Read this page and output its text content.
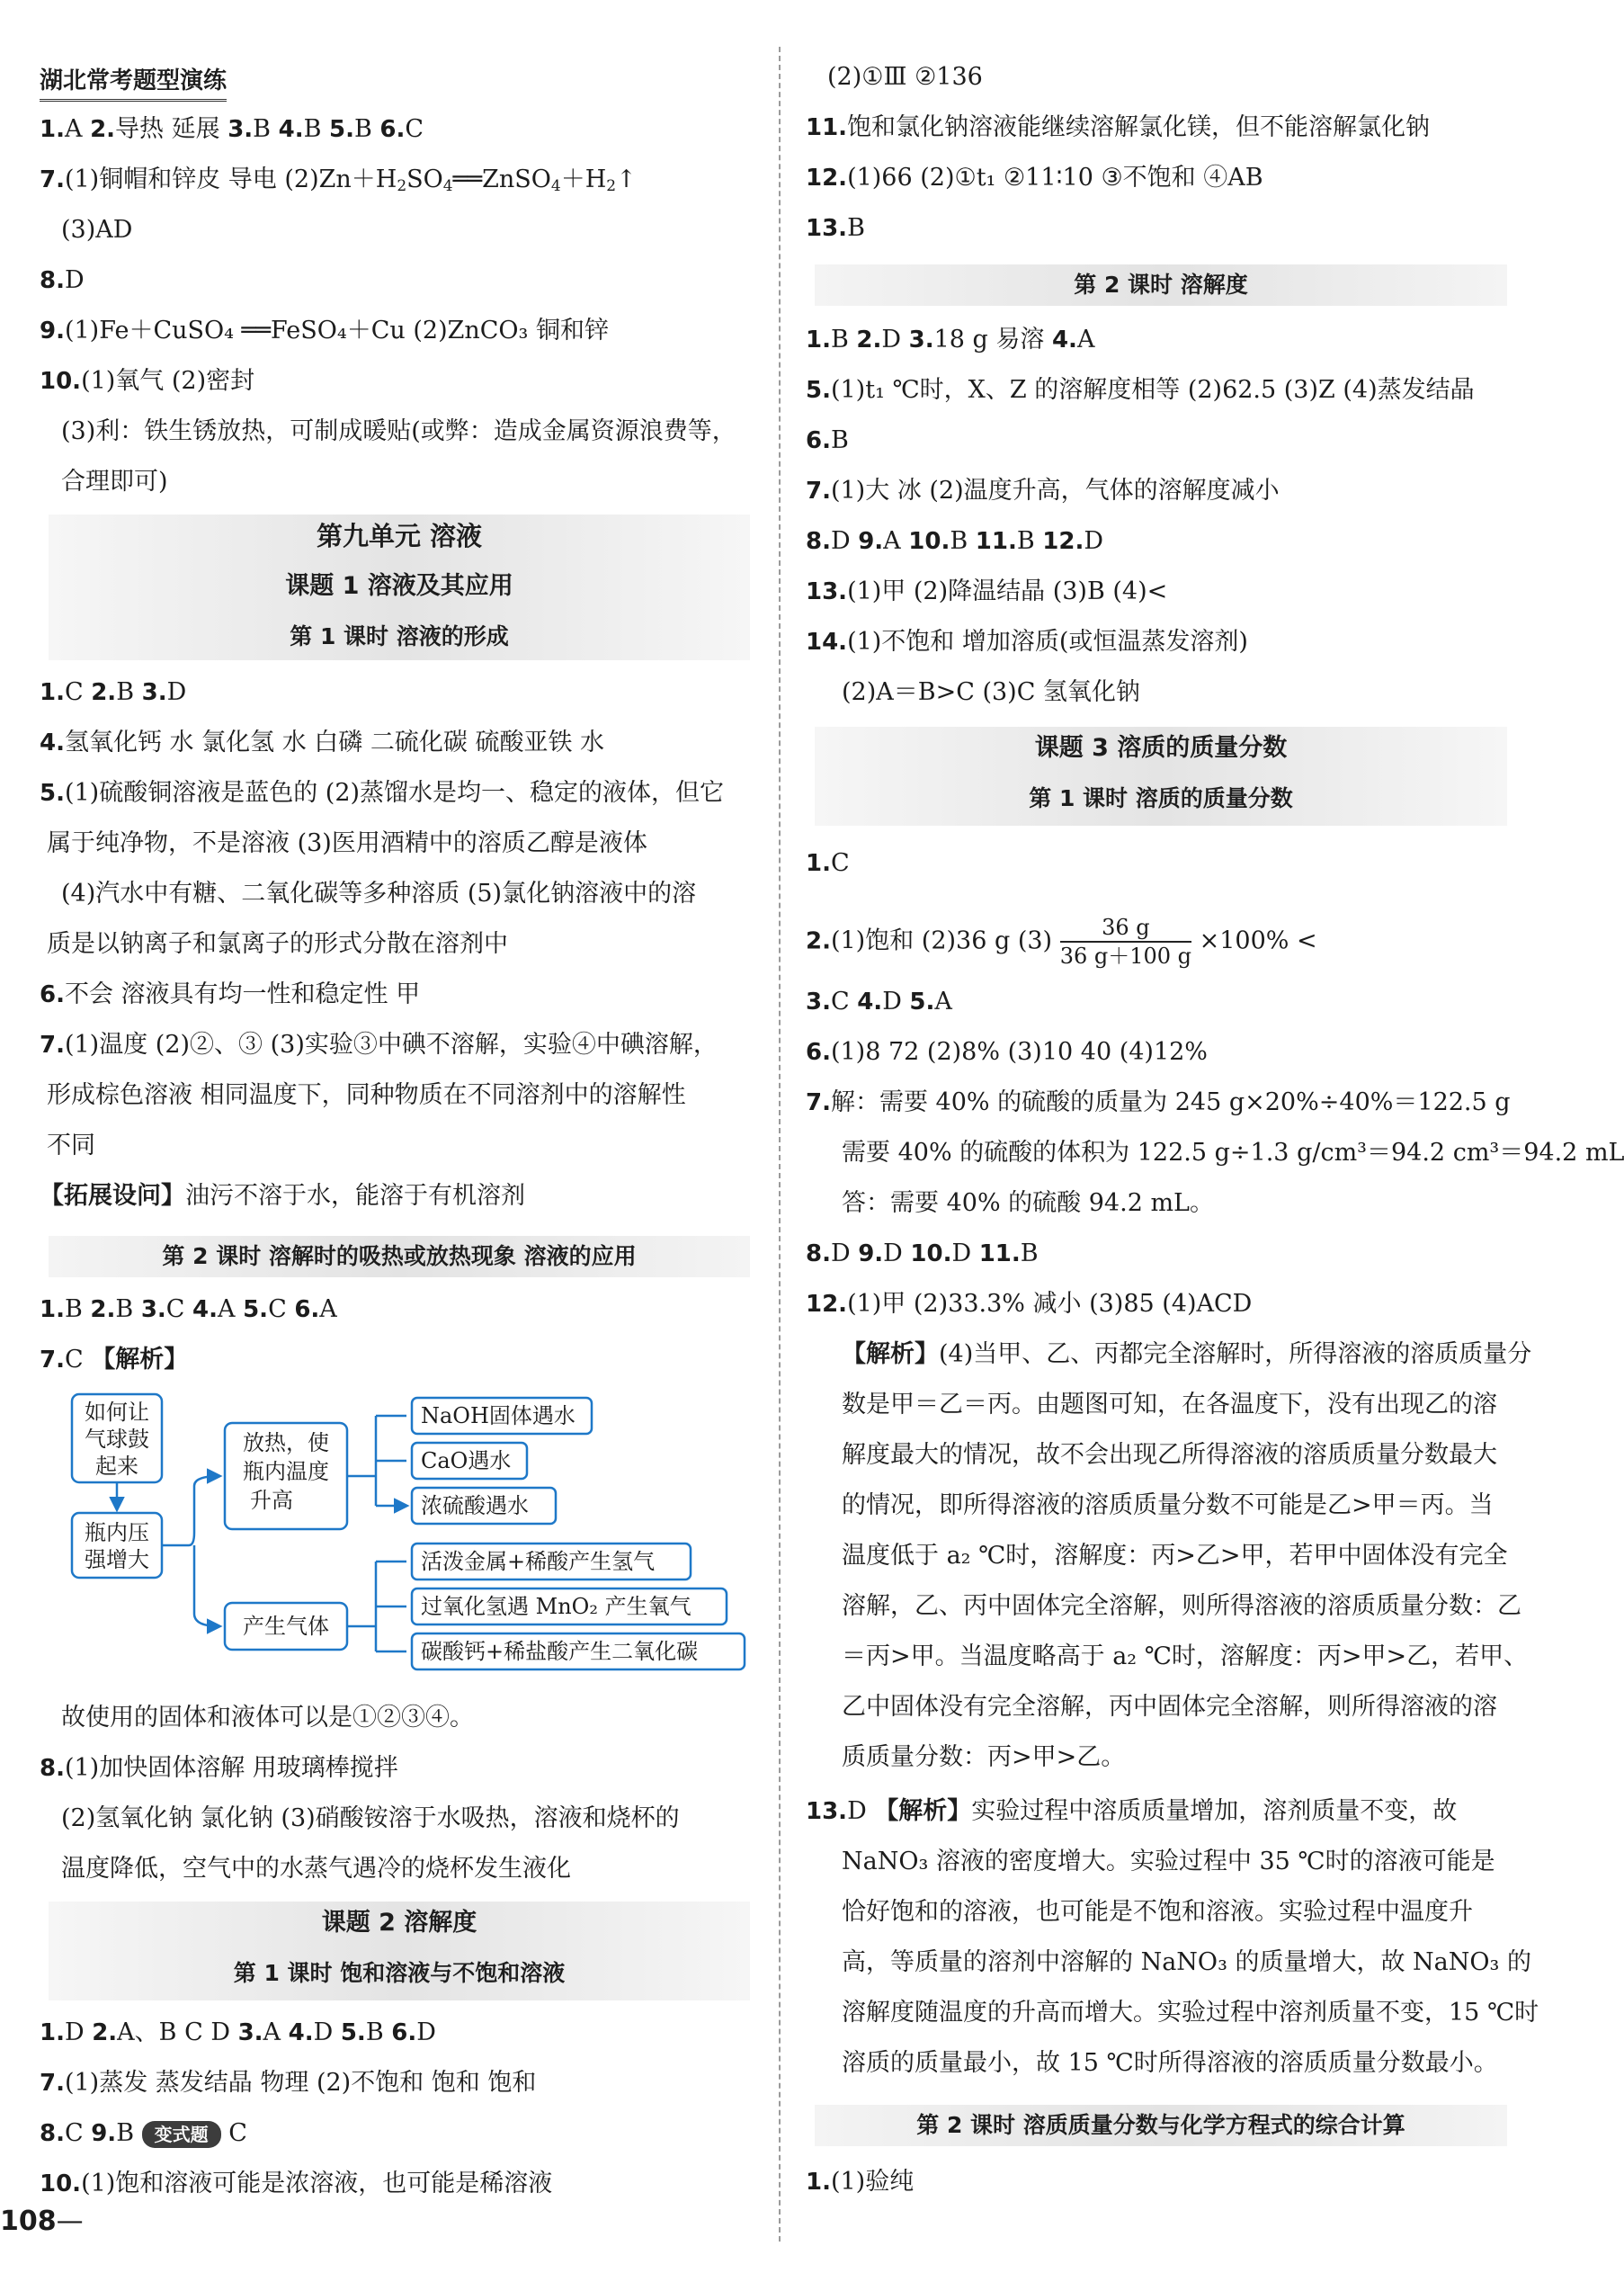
湖北常考题型演练
1.A 2.导热 延展 3.B 4.B 5.B 6.C
7.(1)铜帽和锌皮 导电 $(2)Zn+H_2SO_4══ZnSO_4+H_2↑$
(3)AD
8.D
9.(1)Fe＋CuSO₄ ══FeSO₄＋Cu (2)ZnCO₃ 铜和锌
10.(1)氧气 (2)密封
(3)利：铁生锈放热，可制成暖贴(或弊：造成金属资源浪费等，
合理即可)
第九单元 溶液
课题 1 溶液及其应用
第 1 课时 溶液的形成
1.C 2.B 3.D
4.氢氧化钙 水 氯化氢 水 白磷 二硫化碳 硫酸亚铁 水
5.(1)硫酸铜溶液是蓝色的 (2)蒸馏水是均一、稳定的液体，但它
属于纯净物，不是溶液 (3)医用酒精中的溶质乙醇是液体
(4)汽水中有糖、二氧化碳等多种溶质 (5)氯化钠溶液中的溶
质是以钠离子和氯离子的形式分散在溶剂中
6.不会 溶液具有均一性和稳定性 甲
7.(1)温度 (2)②、③ (3)实验③中碘不溶解，实验④中碘溶解，
形成棕色溶液 相同温度下，同种物质在不同溶剂中的溶解性
不同
【拓展设问】油污不溶于水，能溶于有机溶剂
第 2 课时 溶解时的吸热或放热现象 溶液的应用
1.B 2.B 3.C 4.A 5.C 6.A
7.C 【解析】
如何让
气球鼓
起来
瓶内压
强增大
放热，使
瓶内温度
升高
产生气体
NaOH固体遇水
CaO遇水
浓硫酸遇水
活泼金属+稀酸产生氢气
过氧化氢遇 MnO₂ 产生氧气
碳酸钙+稀盐酸产生二氧化碳
故使用的固体和液体可以是①②③④。
8.(1)加快固体溶解 用玻璃棒搅拌
(2)氢氧化钠 氯化钠 (3)硝酸铵溶于水吸热，溶液和烧杯的
温度降低，空气中的水蒸气遇冷的烧杯发生液化
课题 2 溶解度
第 1 课时 饱和溶液与不饱和溶液
1.D 2.A、B C D 3.A 4.D 5.B 6.D
7.(1)蒸发 蒸发结晶 物理 (2)不饱和 饱和 饱和
8.C 9.B 变式题 C
10.(1)饱和溶液可能是浓溶液，也可能是稀溶液
108—
(2)①Ⅲ ②136
11.饱和氯化钠溶液能继续溶解氯化镁，但不能溶解氯化钠
12.(1)66 (2)①t₁ ②11∶10 ③不饱和 ④AB
13.B
第 2 课时 溶解度
1.B 2.D 3.18 g 易溶 4.A
5.(1)t₁ ℃时，X、Z 的溶解度相等 (2)62.5 (3)Z (4)蒸发结晶
6.B
7.(1)大 冰 (2)温度升高，气体的溶解度减小
8.D 9.A 10.B 11.B 12.D
13.(1)甲 (2)降温结晶 (3)B (4)<
14.(1)不饱和 增加溶质(或恒温蒸发溶剂)
(2)A＝B>C (3)C 氢氧化钠
课题 3 溶质的质量分数
第 1 课时 溶质的质量分数
1.C
2.(1)饱和 (2)36 g $(3) \frac{36 g}{36 g+100 g} \times 100\%$ <
3.C 4.D 5.A
6.(1)8 72 (2)8% (3)10 40 (4)12%
7.解：需要 40% 的硫酸的质量为 245 g×20%÷40%＝122.5 g
需要 40% 的硫酸的体积为 122.5 g÷1.3 g/cm³＝94.2 cm³＝94.2 mL
答：需要 40% 的硫酸 94.2 mL。
8.D 9.D 10.D 11.B
12.(1)甲 (2)33.3% 减小 (3)85 (4)ACD
【解析】(4)当甲、乙、丙都完全溶解时，所得溶液的溶质质量分
数是甲＝乙＝丙。由题图可知，在各温度下，没有出现乙的溶
解度最大的情况，故不会出现乙所得溶液的溶质质量分数最大
的情况，即所得溶液的溶质质量分数不可能是乙>甲＝丙。当
温度低于 a₂ ℃时，溶解度：丙>乙>甲，若甲中固体没有完全
溶解，乙、丙中固体完全溶解，则所得溶液的溶质质量分数：乙
＝丙>甲。当温度略高于 a₂ ℃时，溶解度：丙>甲>乙，若甲、
乙中固体没有完全溶解，丙中固体完全溶解，则所得溶液的溶
质质量分数：丙>甲>乙。
13.D 【解析】实验过程中溶质质量增加，溶剂质量不变，故
NaNO₃ 溶液的密度增大。实验过程中 35 ℃时的溶液可能是
恰好饱和的溶液，也可能是不饱和溶液。实验过程中温度升
高，等质量的溶剂中溶解的 NaNO₃ 的质量增大，故 NaNO₃ 的
溶解度随温度的升高而增大。实验过程中溶剂质量不变，15 ℃时
溶质的质量最小，故 15 ℃时所得溶液的溶质质量分数最小。
第 2 课时 溶质质量分数与化学方程式的综合计算
1.(1)验纯
